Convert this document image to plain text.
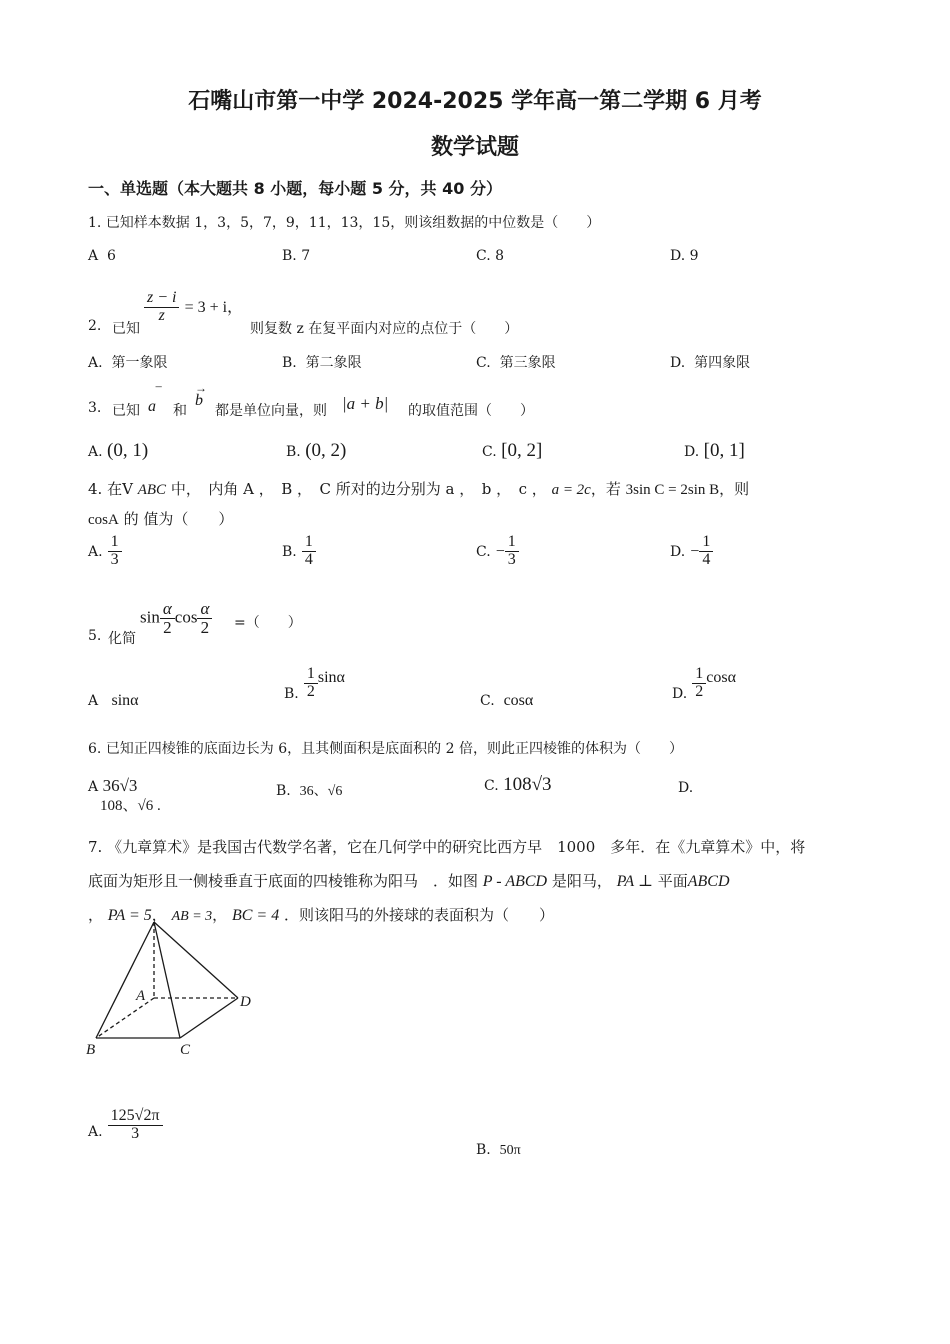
石嘴山市第一中学 2024-2025 学年高一第二学期 6 月考
数学试题
一、单选题（本大题共 8 小题，每小题 5 分，共 40 分）
1. 已知样本数据 1，3，5，7，9，11，13，15，则该组数据的中位数是（　　）
A 6	B. 7	C. 8	D. 9
2. 已知
$\frac{z - i}{z} = 3 + i$，
则复数 z 在复平面内对应的点位于（　　）
A. 第一象限	B. 第二象限	C. 第三象限	D. 第四象限
3. 已知
‾
a 和
→
b
都是单位向量，则 |a + b| 的取值范围（　　）
A. (0, 1)	B. (0, 2)	C. [0, 2]	D. [0, 1]
4. 在V ABC 中，　内角 A ，　B ，　C 所对的边分别为 a ，　b ，　c ， a = 2c，若 3sin C = 2sin B，则
cosA 的 值为（　　）
A. $\frac{1}{3}$	B. $\frac{1}{4}$	C. − $\frac{1}{3}$	D. − $\frac{1}{4}$
5. 化简
$\sin \frac{\alpha}{2}$ $\cos \frac{\alpha}{2}$ =（　　）
A sinα	B. $\frac{1}{2}$ sinα
C. cosα	D. $\frac{1}{2}$ cosα
6. 已知正四棱锥的底面边长为 6，且其侧面积是底面积的 2 倍，则此正四棱锥的体积为（　　）
A 36√3
108、√6 .
B. 36、√6	C. 108√3	D.
7. 《九章算术》是我国古代数学名著，它在几何学中的研究比西方早　1000　多年．在《九章算术》中，将
底面为矩形且一侧棱垂直于底面的四棱锥称为阳马　．如图 P - ABCD 是阳马， PA ⊥ 平面ABCD
， PA = 5， AB = 3， BC = 4 ．则该阳马的外接球的表面积为（　　）
A
B	C
D
A. $\frac{125√2\pi}{3}$
B. 50π
